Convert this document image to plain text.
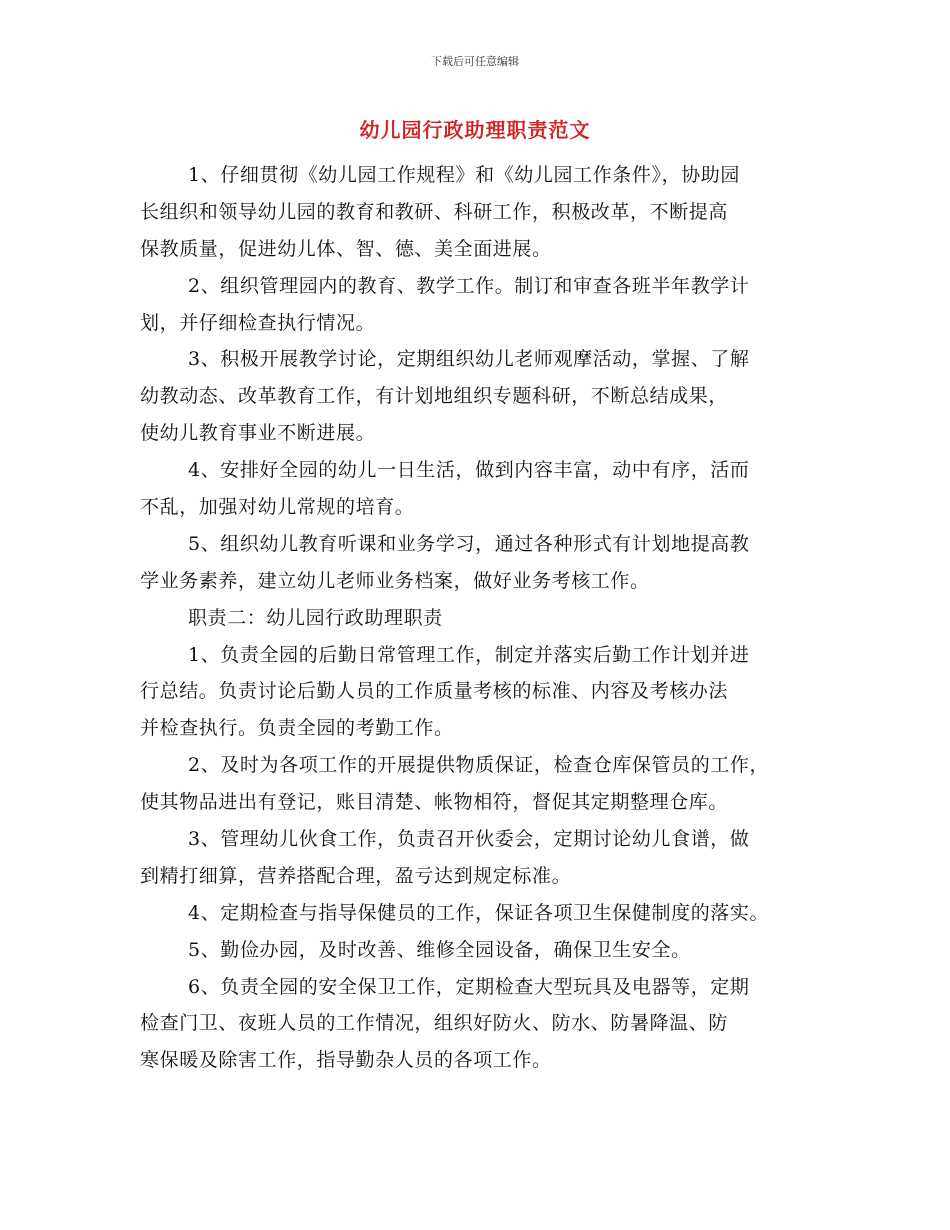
下载后可任意编辑
幼儿园行政助理职责范文
1、仔细贯彻《幼儿园工作规程》和《幼儿园工作条件》，协助园
长组织和领导幼儿园的教育和教研、科研工作，积极改革，不断提高
保教质量，促进幼儿体、智、德、美全面进展。
2、组织管理园内的教育、教学工作。制订和审查各班半年教学计
划，并仔细检查执行情况。
3、积极开展教学讨论，定期组织幼儿老师观摩活动，掌握、了解
幼教动态、改革教育工作，有计划地组织专题科研，不断总结成果，
使幼儿教育事业不断进展。
4、安排好全园的幼儿一日生活，做到内容丰富，动中有序，活而
不乱，加强对幼儿常规的培育。
5、组织幼儿教育听课和业务学习，通过各种形式有计划地提高教
学业务素养，建立幼儿老师业务档案，做好业务考核工作。
职责二：幼儿园行政助理职责
1、负责全园的后勤日常管理工作，制定并落实后勤工作计划并进
行总结。负责讨论后勤人员的工作质量考核的标准、内容及考核办法
并检查执行。负责全园的考勤工作。
2、及时为各项工作的开展提供物质保证，检查仓库保管员的工作，
使其物品进出有登记，账目清楚、帐物相符，督促其定期整理仓库。
3、管理幼儿伙食工作，负责召开伙委会，定期讨论幼儿食谱，做
到精打细算，营养搭配合理，盈亏达到规定标准。
4、定期检查与指导保健员的工作，保证各项卫生保健制度的落实。
5、勤俭办园，及时改善、维修全园设备，确保卫生安全。
6、负责全园的安全保卫工作，定期检查大型玩具及电器等，定期
检查门卫、夜班人员的工作情况，组织好防火、防水、防暑降温、防
寒保暖及除害工作，指导勤杂人员的各项工作。
